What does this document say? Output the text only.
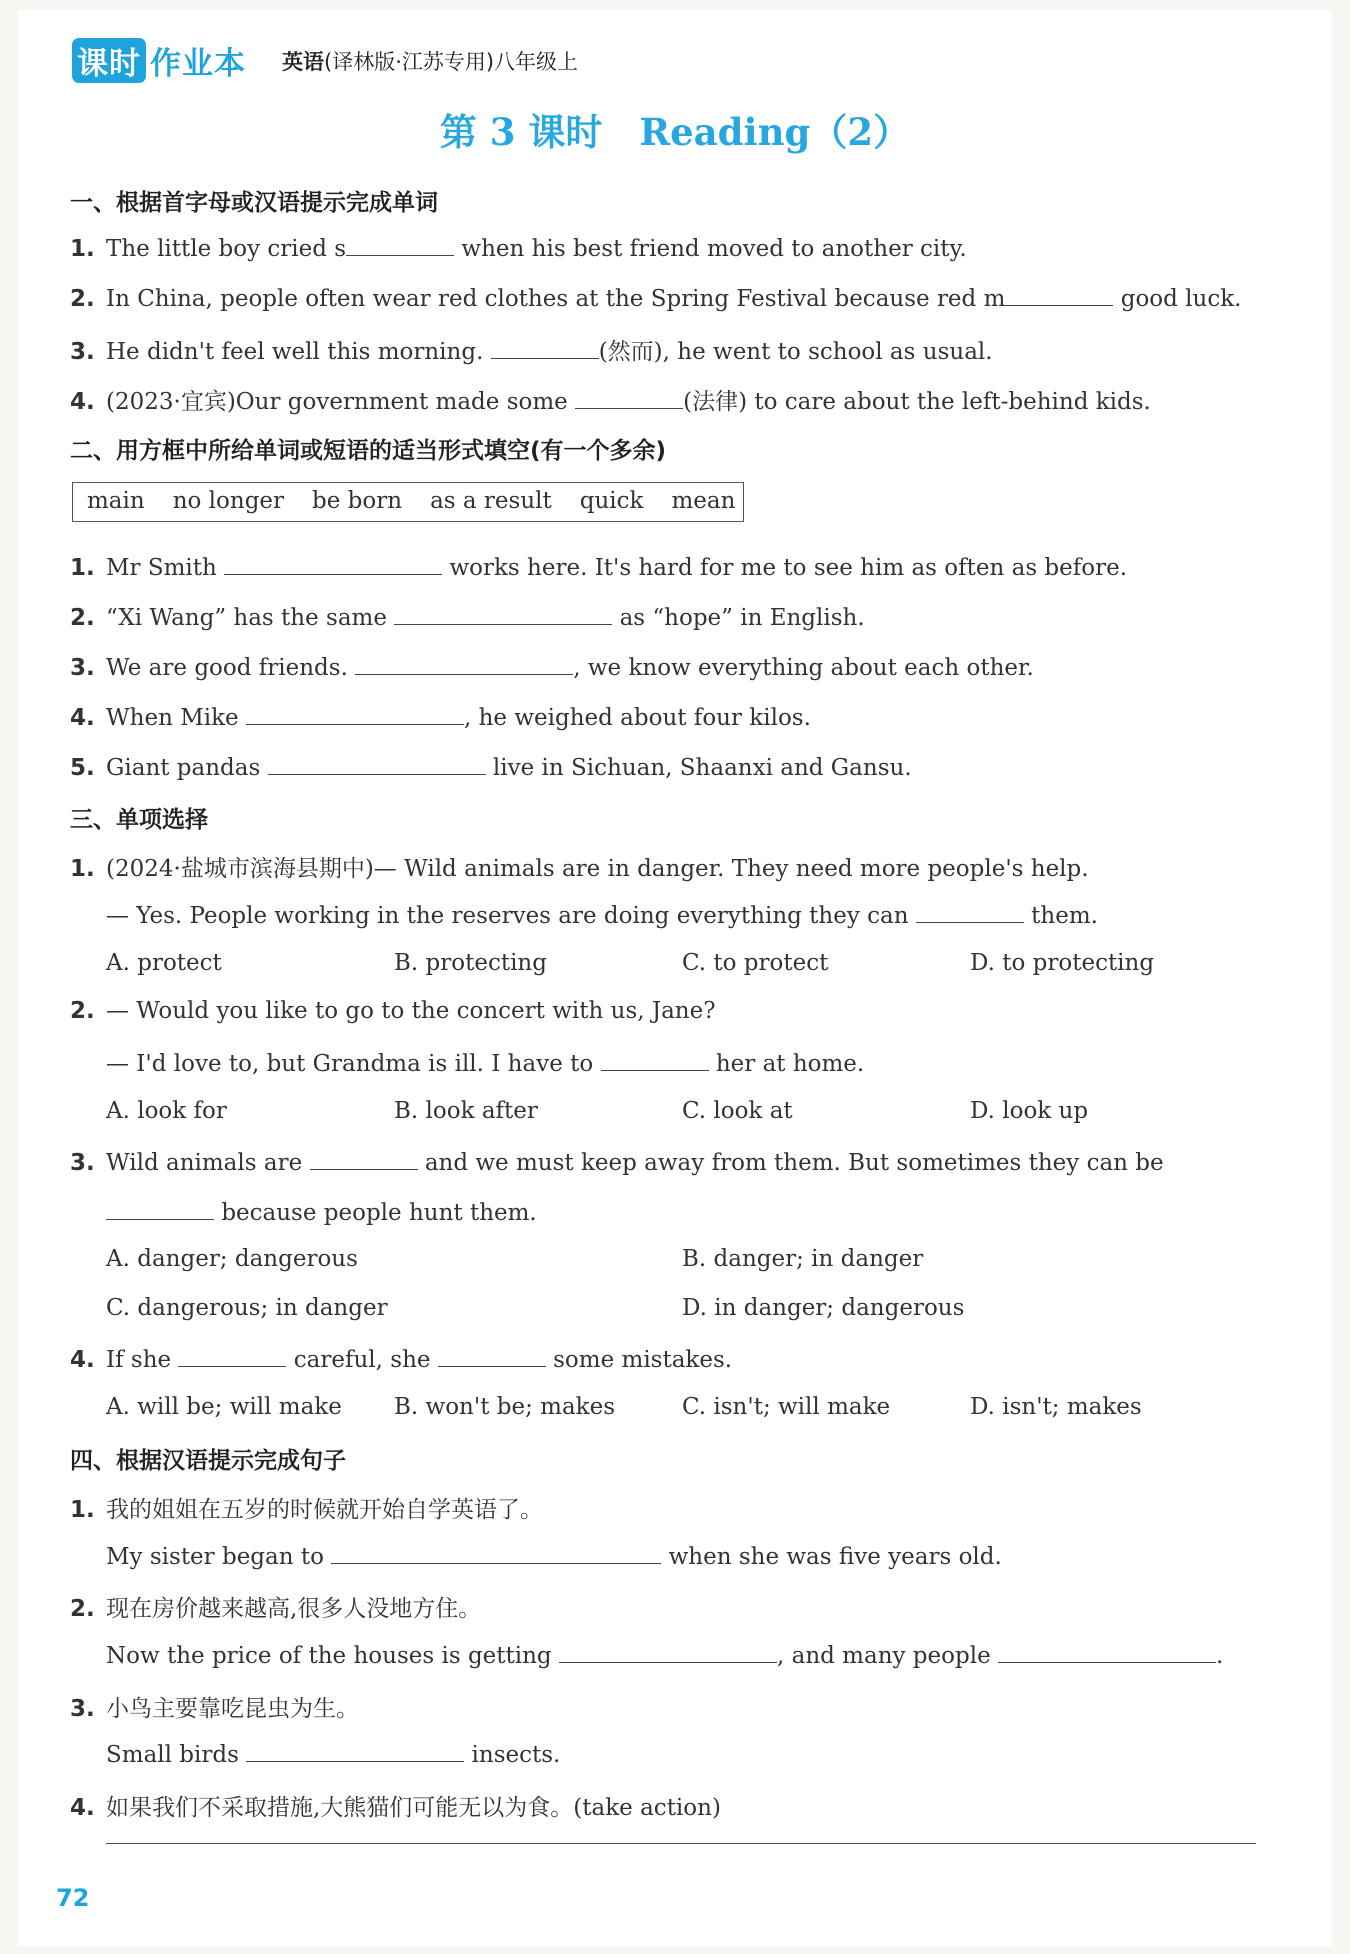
课时 作业本 英语(译林版·江苏专用)八年级上
第 3 课时　Reading（2）
一、根据首字母或汉语提示完成单词
1. The little boy cried s	when his best friend moved to another city.
2. In China, people often wear red clothes at the Spring Festival because red m	good luck.
3. He didn't feel well this morning.	(然而), he went to school as usual.
4. (2023·宜宾)Our government made some	(法律) to care about the left-behind kids.
二、用方框中所给单词或短语的适当形式填空(有一个多余)
main no longer be born as a result quick mean
1. Mr Smith	works here. It's hard for me to see him as often as before.
2. “Xi Wang” has the same	as “hope” in English.
3. We are good friends.	, we know everything about each other.
4. When Mike	, he weighed about four kilos.
5. Giant pandas	live in Sichuan, Shaanxi and Gansu.
三、单项选择
1. (2024·盐城市滨海县期中)— Wild animals are in danger. They need more people's help.
— Yes. People working in the reserves are doing everything they can	them.
A. protect	B. protecting	C. to protect	D. to protecting
2. — Would you like to go to the concert with us, Jane?
— I'd love to, but Grandma is ill. I have to	her at home.
A. look for	B. look after	C. look at	D. look up
3. Wild animals are	and we must keep away from them. But sometimes they can be
because people hunt them.
A. danger; dangerous	B. danger; in danger
C. dangerous; in danger	D. in danger; dangerous
4. If she	careful, she	some mistakes.
A. will be; will make B. won't be; makes	C. isn't; will make	D. isn't; makes
四、根据汉语提示完成句子
1. 我的姐姐在五岁的时候就开始自学英语了。
My sister began to	when she was five years old.
2. 现在房价越来越高,很多人没地方住。
Now the price of the houses is getting	, and many people	.
3. 小鸟主要靠吃昆虫为生。
Small birds	insects.
4. 如果我们不采取措施,大熊猫们可能无以为食。(take action)
72
